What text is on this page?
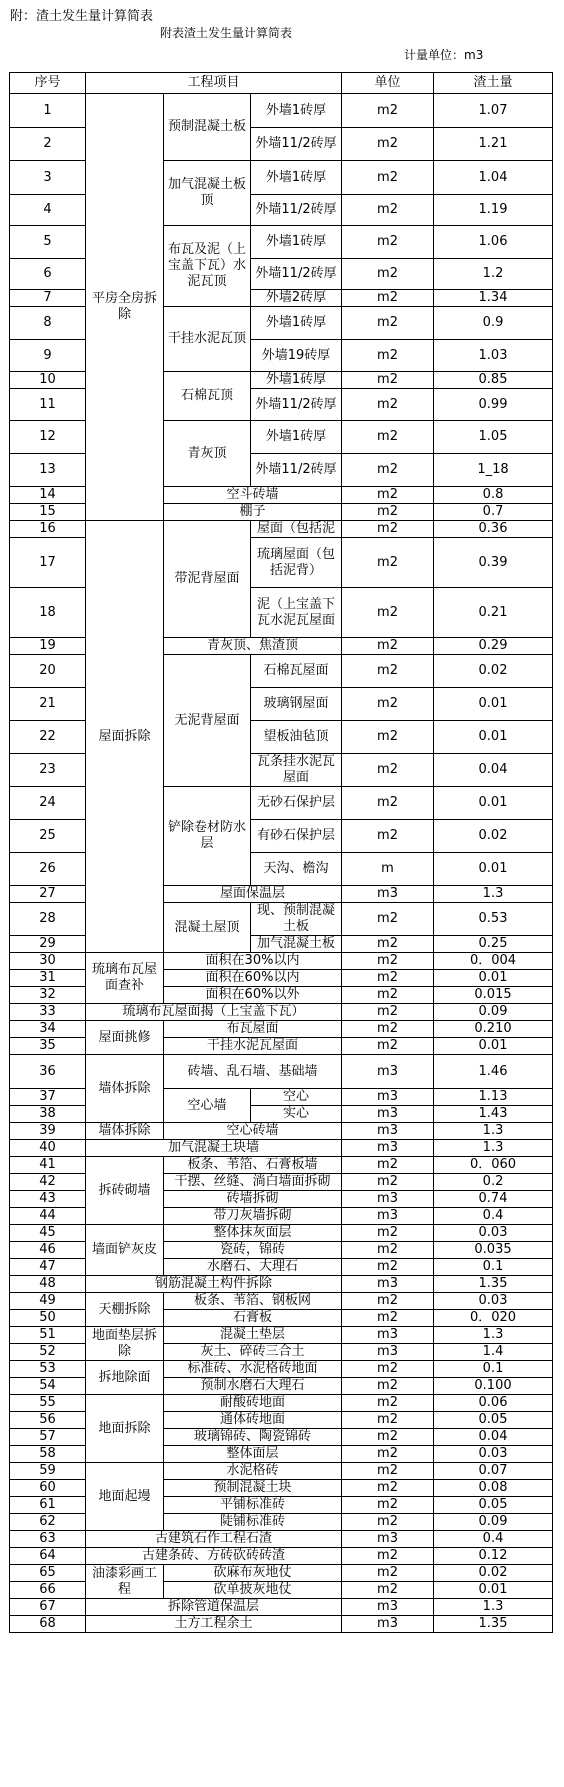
附：渣土发生量计算简表
附表渣土发生量计算简表
计量单位：m3
序号	工程项目			单位	渣土量
1	平房全房拆除	预制混凝土板	外墙1砖厚	m2	1.07
2			外墙11/2砖厚	m2	1.21
3		加气混凝土板顶	外墙1砖厚	m2	1.04
4			外墙11/2砖厚	m2	1.19
5		布瓦及泥（上宝盖下瓦）水泥瓦顶	外墙1砖厚	m2	1.06
6			外墙11/2砖厚	m2	1.2
7			外墙2砖厚	m2	1.34
8		干挂水泥瓦顶	外墙1砖厚	m2	0.9
9			外墙19砖厚	m2	1.03
10		石棉瓦顶	外墙1砖厚	m2	0.85
11			外墙11/2砖厚	m2	0.99
12		青灰顶	外墙1砖厚	m2	1.05
13			外墙11/2砖厚	m2	1_18
14		空斗砖墙		m2	0.8
15		棚子		m2	0.7
16	屋面拆除	带泥背屋面	屋面（包括泥	m2	0.36
17			琉璃屋面（包括泥背）	m2	0.39
18			泥（上宝盖下瓦水泥瓦屋面	m2	0.21
19		青灰顶、焦渣顶		m2	0.29
20		无泥背屋面	石棉瓦屋面	m2	0.02
21			玻璃钢屋面	m2	0.01
22			望板油毡顶	m2	0.01
23			瓦条挂水泥瓦屋面	m2	0.04
24		铲除卷材防水层	无砂石保护层	m2	0.01
25			有砂石保护层	m2	0.02
26			天沟、檐沟	m	0.01
27		屋面保温层		m3	1.3
28		混凝土屋顶	现、预制混凝土板	m2	0.53
29			加气混凝土板	m2	0.25
30	琉璃布瓦屋面查补	面积在30%以内		m2	0．004
31		面积在60%以内		m2	0.01
32		面积在60%以外		m2	0.015
33	琉璃布瓦屋面揭（上宝盖下瓦）			m2	0.09
34	屋面挑修	布瓦屋面		m2	0.210
35		干挂水泥瓦屋面		m2	0.01
36	墙体拆除	砖墙、乱石墙、基础墙		m3	1.46
37		空心墙	空心	m3	1.13
38			实心	m3	1.43
39	墙体拆除	空心砖墙		m3	1.3
40	加气混凝土块墙			m3	1.3
41	拆砖砌墙	板条、苇箔、石膏板墙		m2	0．060
42		干摆、丝缝、淌白墙面拆砌		m2	0.2
43		砖墙拆砌		m3	0.74
44		带刀灰墙拆砌		m3	0.4
45	墙面铲灰皮	整体抹灰面层		m2	0.03
46		瓷砖，锦砖		m2	0.035
47		水磨石、大理石		m2	0.1
48	钢筋混凝土构件拆除			m3	1.35
49	天棚拆除	板条、苇箔、钢板网		m2	0.03
50		石膏板		m2	0．020
51	地面垫层拆除	混凝土垫层		m3	1.3
52		灰土、碎砖三合土		m3	1.4
53	拆地除面	标准砖、水泥格砖地面		m2	0.1
54		预制水磨石大理石		m2	0.100
55	地面拆除	耐酸砖地面		m2	0.06
56		通体砖地面		m2	0.05
57		玻璃锦砖、陶瓷锦砖		m2	0.04
58		整体面层		m2	0.03
59	地面起墁	水泥格砖		m2	0.07
60		预制混凝土块		m2	0.08
61		平铺标准砖		m2	0.05
62		陡铺标准砖		m2	0.09
63	古建筑石作工程石渣			m3	0.4
64	古建条砖、方砖砍砖砖渣			m2	0.12
65	油漆彩画工程	砍麻布灰地仗		m2	0.02
66		砍单披灰地仗		m2	0.01
67	拆除管道保温层			m3	1.3
68	土方工程余土			m3	1.35
